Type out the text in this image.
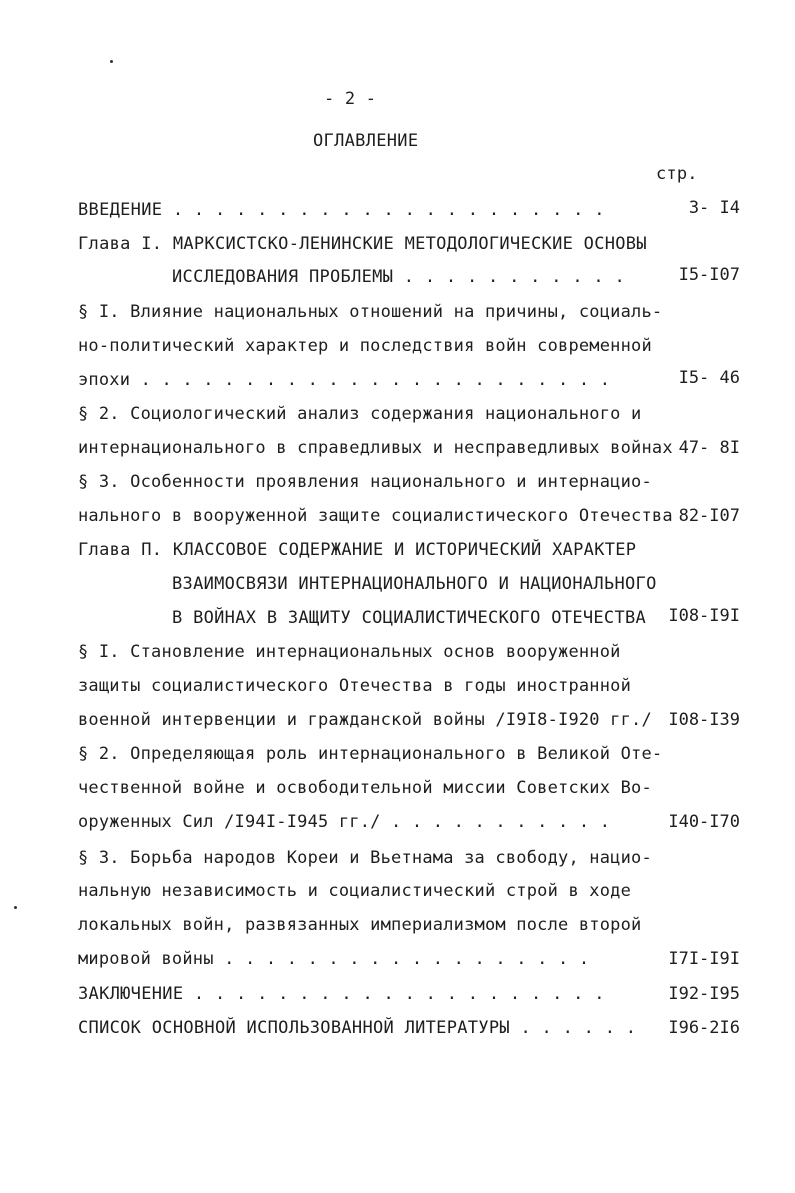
- 2 -
ОГЛАВЛЕНИЕ
стр.
ВВЕДЕНИЕ . . . . . . . . . . . . . . . . . . . . .	3- I4
Глава I. МАРКСИСТСКО-ЛЕНИНСКИЕ МЕТОДОЛОГИЧЕСКИЕ ОСНОВЫ
ИССЛЕДОВАНИЯ ПРОБЛЕМЫ . . . . . . . . . . .	I5-I07
§ I. Влияние национальных отношений на причины, социаль-
но-политический характер и последствия войн современной
эпохи . . . . . . . . . . . . . . . . . . . . . . .	I5- 46
§ 2. Социологический анализ содержания национального и
интернационального в справедливых и несправедливых войнах 47- 8I
§ 3. Особенности проявления национального и интернацио-
нального в вооруженной защите социалистического Отечества 82-I07
Глава П. КЛАССОВОЕ СОДЕРЖАНИЕ И ИСТОРИЧЕСКИЙ ХАРАКТЕР
ВЗАИМОСВЯЗИ ИНТЕРНАЦИОНАЛЬНОГО И НАЦИОНАЛЬНОГО
В ВОЙНАХ В ЗАЩИТУ СОЦИАЛИСТИЧЕСКОГО ОТЕЧЕСТВА	I08-I9I
§ I. Становление интернациональных основ вооруженной
защиты социалистического Отечества в годы иностранной
военной интервенции и гражданской войны /I9I8-I920 гг./ I08-I39
§ 2. Определяющая роль интернационального в Великой Оте-
чественной войне и освободительной миссии Советских Во-
оруженных Сил /I94I-I945 гг./ . . . . . . . . . . .	I40-I70
§ 3. Борьба народов Кореи и Вьетнама за свободу, нацио-
нальную независимость и социалистический строй в ходе
локальных войн, развязанных империализмом после второй
мировой войны . . . . . . . . . . . . . . . . . .	I7I-I9I
ЗАКЛЮЧЕНИЕ . . . . . . . . . . . . . . . . . . . .	I92-I95
СПИСОК ОСНОВНОЙ ИСПОЛЬЗОВАННОЙ ЛИТЕРАТУРЫ . . . . . .	I96-2I6
